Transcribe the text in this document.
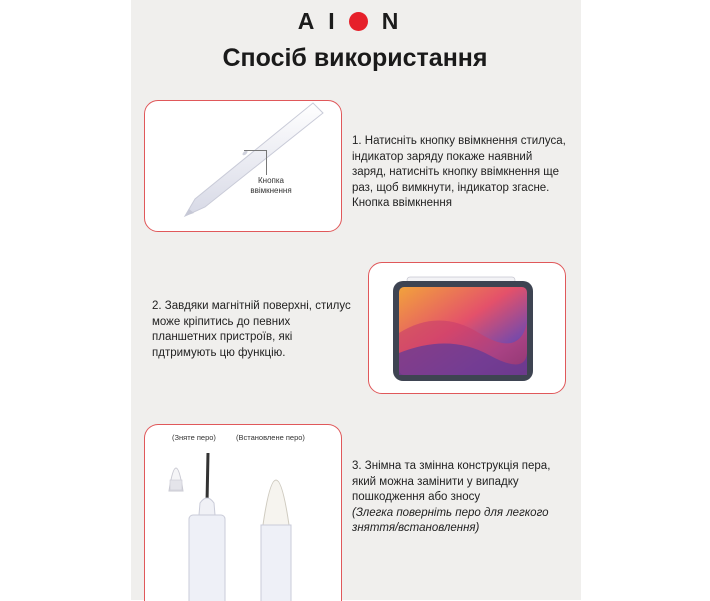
AI N
Спосіб використання
Кнопка ввімкнення
1. Натисніть кнопку ввімкнення стилуса,
індикатор заряду покаже наявний
заряд, натисніть кнопку ввімкнення ще
раз, щоб вимкнути, індикатор згасне.
Кнопка ввімкнення
2. Завдяки магнітній поверхні, стилус
може кріпитись до певних
планшетних пристроїв, які
пдтримують цю функцію.
(Зняте перо)	(Встановлене перо)
3. Знімна та змінна конструкція пера,
який можна замінити у випадку
пошкодження або зносу
(Злегка поверніть перо для легкого
зняття/встановлення)
